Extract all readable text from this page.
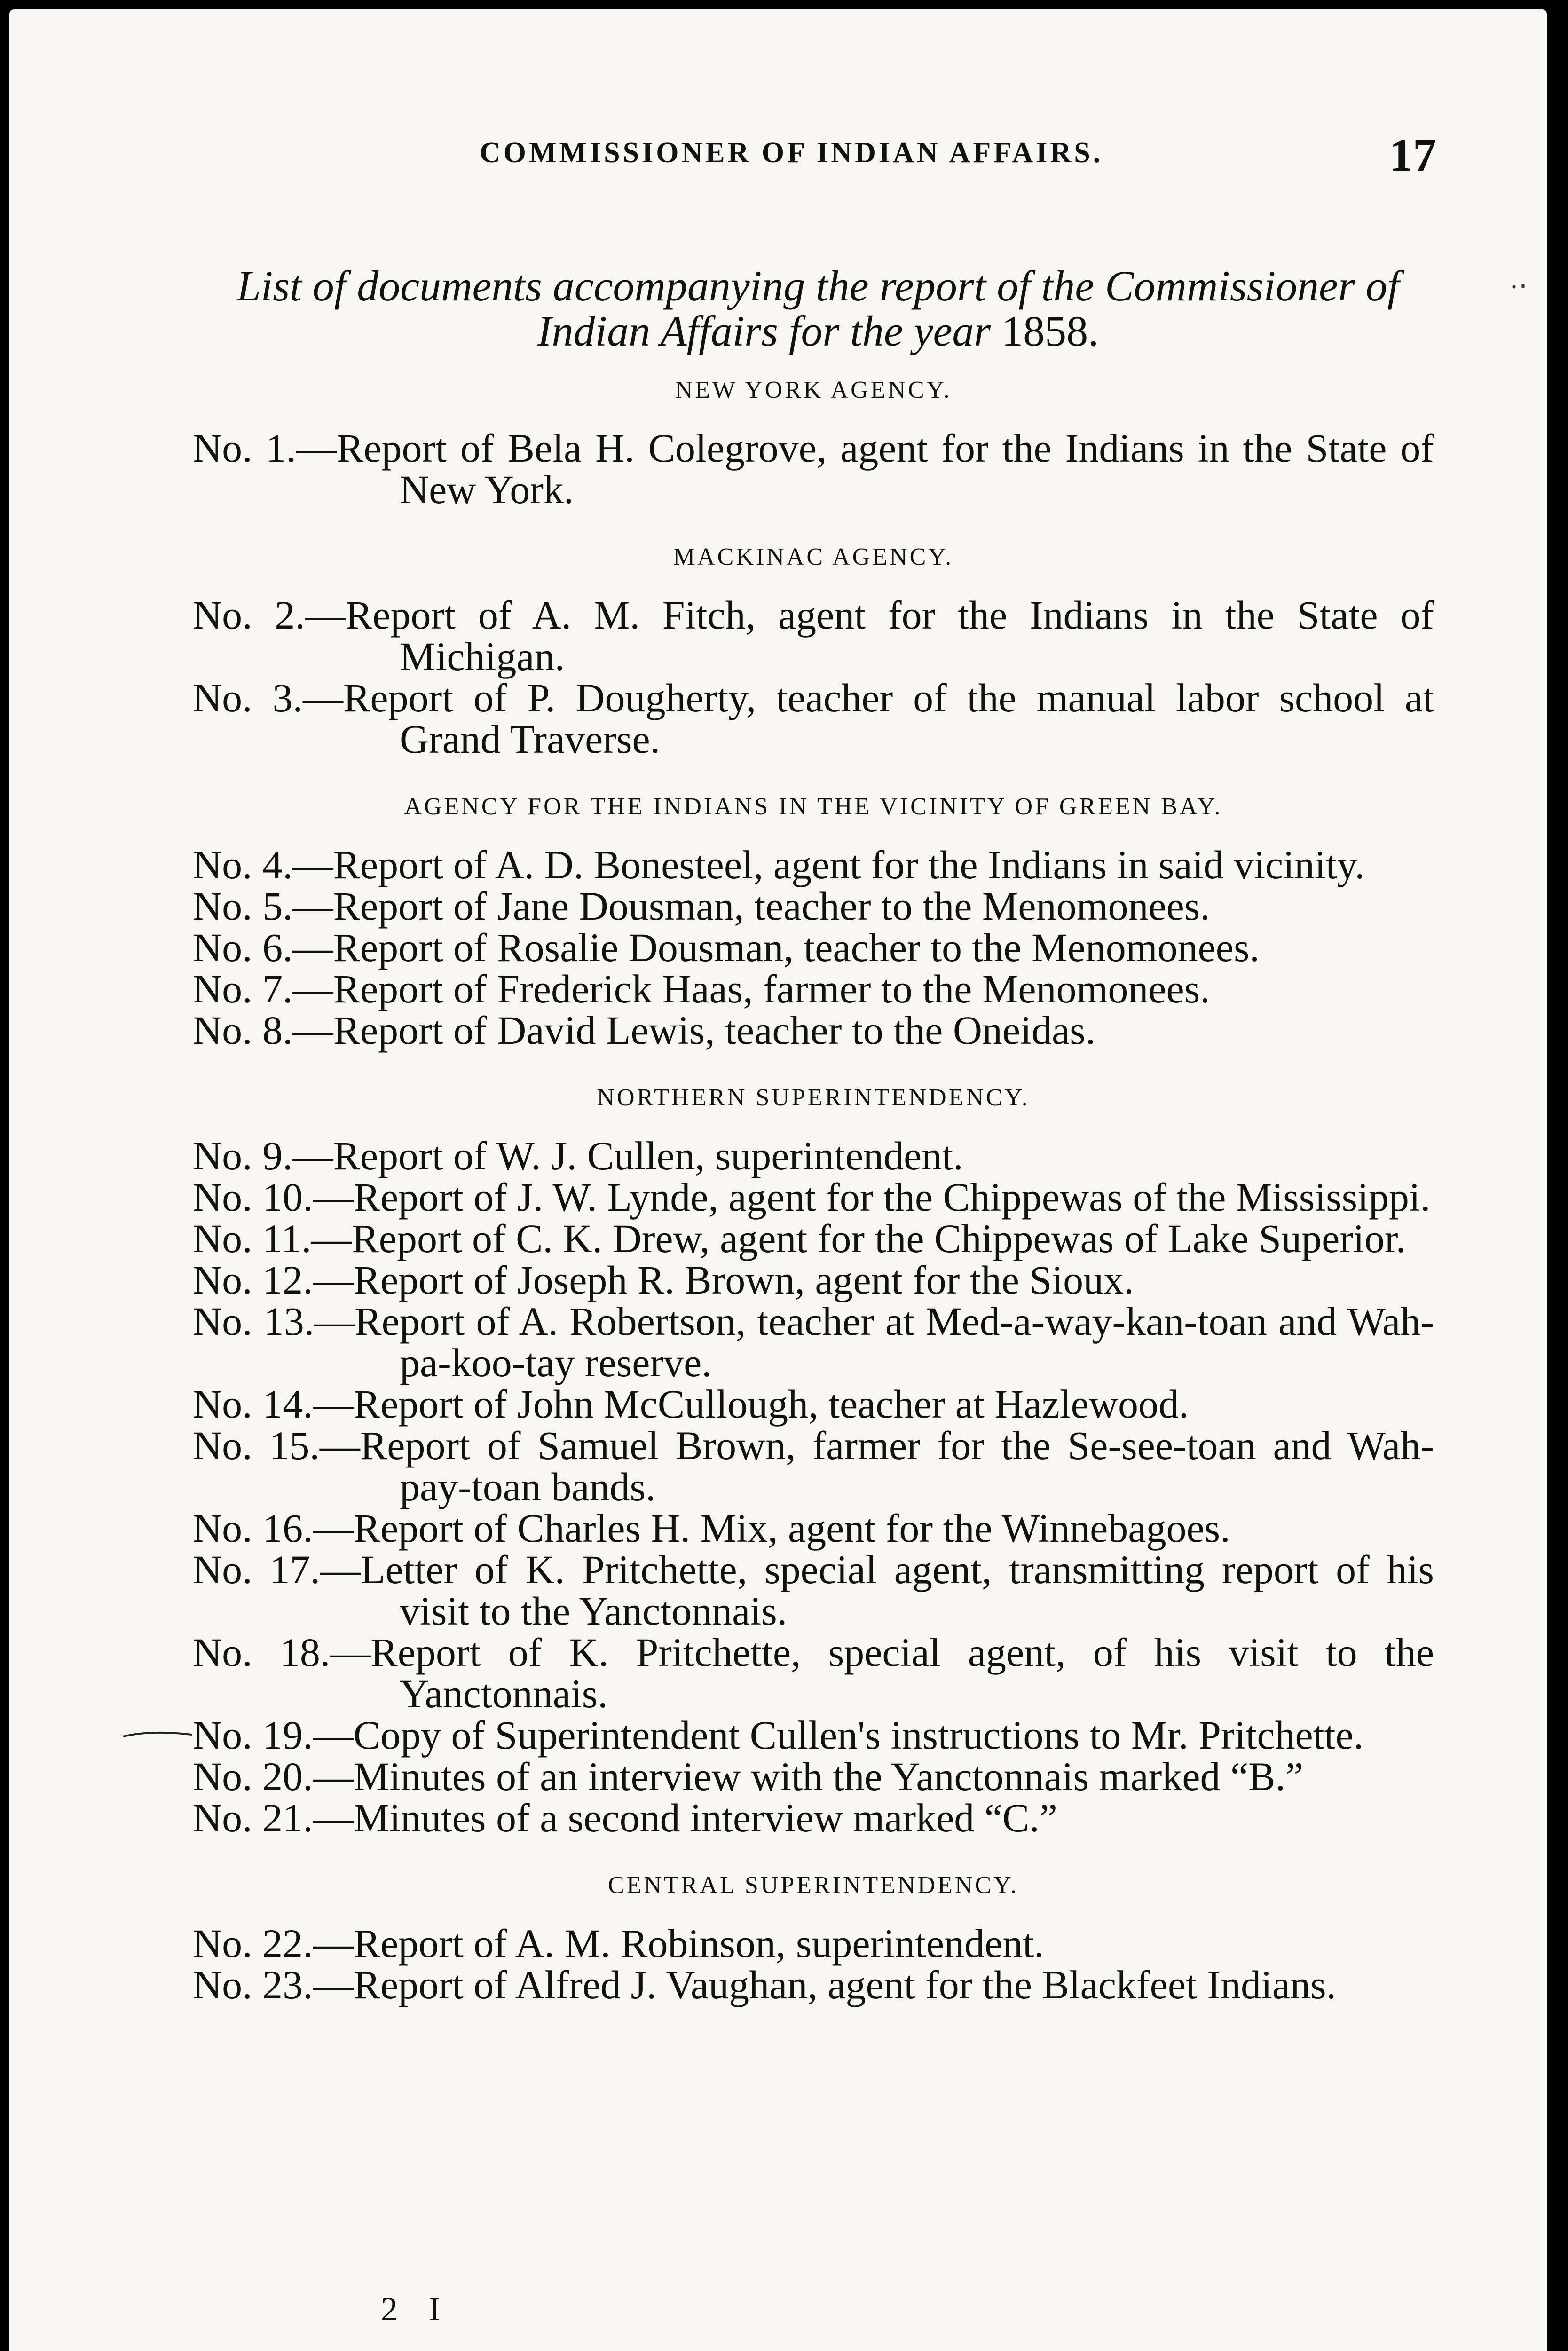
COMMISSIONER OF INDIAN AFFAIRS.	17
·‧
List of documents accompanying the report of the Commissioner of Indian Affairs for the year 1858.
NEW YORK AGENCY.

No. 1.—Report of Bela H. Colegrove, agent for the Indians in the State of New York.

MACKINAC AGENCY.

No. 2.—Report of A. M. Fitch, agent for the Indians in the State of Michigan.

No. 3.—Report of P. Dougherty, teacher of the manual labor school at Grand Traverse.

AGENCY FOR THE INDIANS IN THE VICINITY OF GREEN BAY.

No. 4.—Report of A. D. Bonesteel, agent for the Indians in said vicinity.

No. 5.—Report of Jane Dousman, teacher to the Menomonees.

No. 6.—Report of Rosalie Dousman, teacher to the Menomonees.

No. 7.—Report of Frederick Haas, farmer to the Menomonees.

No. 8.—Report of David Lewis, teacher to the Oneidas.

NORTHERN SUPERINTENDENCY.

No. 9.—Report of W. J. Cullen, superintendent.

No. 10.—Report of J. W. Lynde, agent for the Chippewas of the Mississippi.

No. 11.—Report of C. K. Drew, agent for the Chippewas of Lake Superior.

No. 12.—Report of Joseph R. Brown, agent for the Sioux.

No. 13.—Report of A. Robertson, teacher at Med-a-way-kan-toan and Wah-pa-koo-tay reserve.

No. 14.—Report of John McCullough, teacher at Hazlewood.

No. 15.—Report of Samuel Brown, farmer for the Se-see-toan and Wah-pay-toan bands.

No. 16.—Report of Charles H. Mix, agent for the Winnebagoes.

No. 17.—Letter of K. Pritchette, special agent, transmitting report of his visit to the Yanctonnais.

No. 18.—Report of K. Pritchette, special agent, of his visit to the Yanctonnais.

No. 19.—Copy of Superintendent Cullen's instructions to Mr. Pritchette.

No. 20.—Minutes of an interview with the Yanctonnais marked “B.”

No. 21.—Minutes of a second interview marked “C.”

CENTRAL SUPERINTENDENCY.

No. 22.—Report of A. M. Robinson, superintendent.

No. 23.—Report of Alfred J. Vaughan, agent for the Blackfeet Indians.

2 I
